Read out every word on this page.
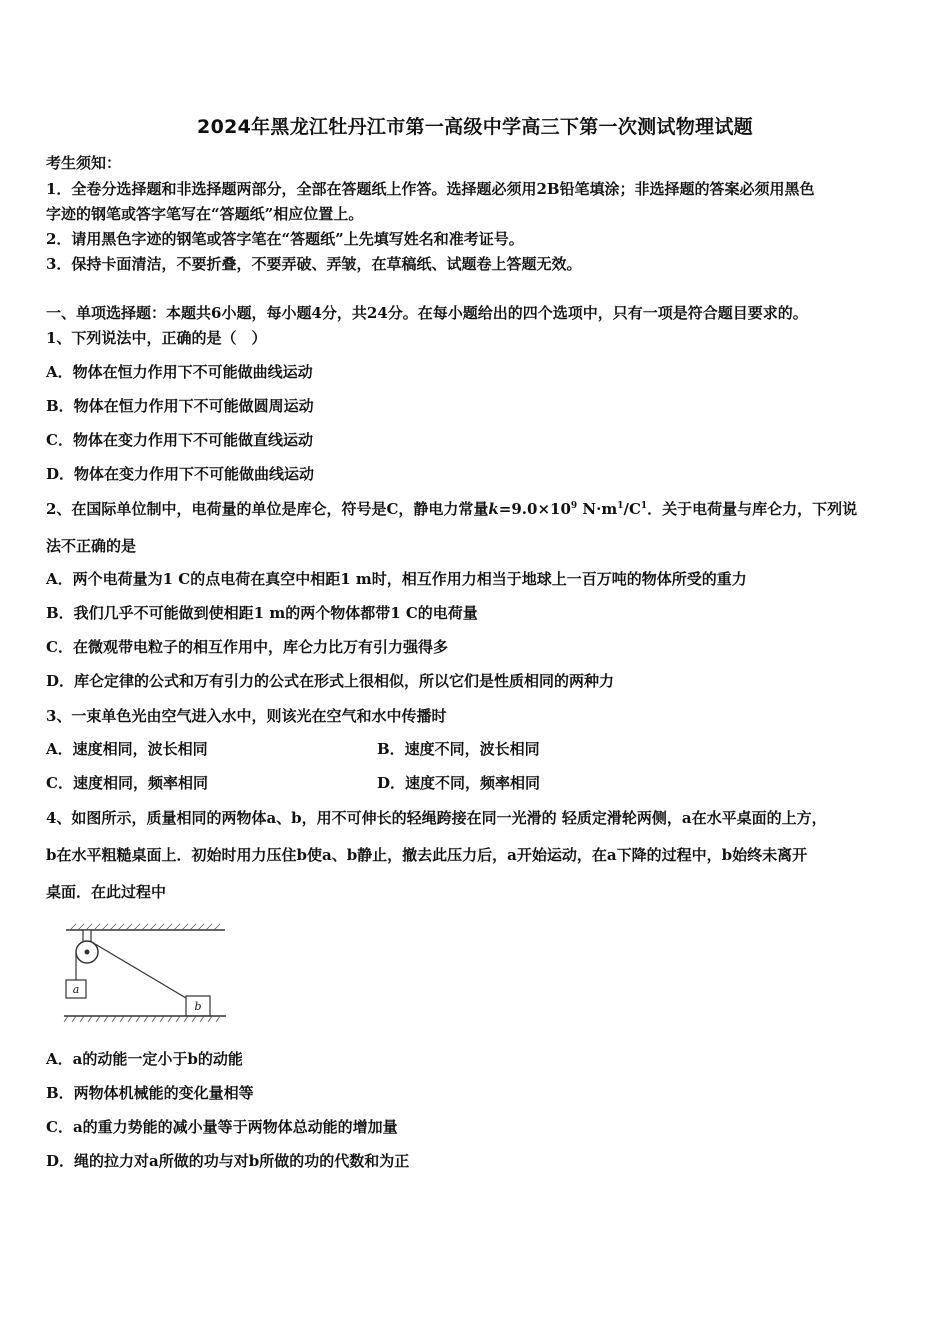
2024年黑龙江牡丹江市第一高级中学高三下第一次测试物理试题
考生须知：
1．全卷分选择题和非选择题两部分，全部在答题纸上作答。选择题必须用2B铅笔填涂；非选择题的答案必须用黑色
字迹的钢笔或答字笔写在“答题纸”相应位置上。
2．请用黑色字迹的钢笔或答字笔在“答题纸”上先填写姓名和准考证号。
3．保持卡面清洁，不要折叠，不要弄破、弄皱，在草稿纸、试题卷上答题无效。
一、单项选择题：本题共6小题，每小题4分，共24分。在每小题给出的四个选项中，只有一项是符合题目要求的。
1、下列说法中，正确的是（　）
A．物体在恒力作用下不可能做曲线运动
B．物体在恒力作用下不可能做圆周运动
C．物体在变力作用下不可能做直线运动
D．物体在变力作用下不可能做曲线运动
2、在国际单位制中，电荷量的单位是库仑，符号是C，静电力常量$k=9.0\times 10^9$ $N\cdot m^1/C^1$．关于电荷量与库仑力，下列说
法不正确的是
A．两个电荷量为1 C的点电荷在真空中相距1 m时，相互作用力相当于地球上一百万吨的物体所受的重力
B．我们几乎不可能做到使相距1 m的两个物体都带1 C的电荷量
C．在微观带电粒子的相互作用中，库仑力比万有引力强得多
D．库仑定律的公式和万有引力的公式在形式上很相似，所以它们是性质相同的两种力
3、一束单色光由空气进入水中，则该光在空气和水中传播时
A．速度相同，波长相同	B．速度不同，波长相同
C．速度相同，频率相同	D．速度不同，频率相同
4、如图所示，质量相同的两物体a、b，用不可伸长的轻绳跨接在同一光滑的 轻质定滑轮两侧，a在水平桌面的上方，
b在水平粗糙桌面上．初始时用力压住b使a、b静止，撤去此压力后，a开始运动，在a下降的过程中，b始终未离开
桌面．在此过程中
a
b
A．a的动能一定小于b的动能
B．两物体机械能的变化量相等
C．a的重力势能的减小量等于两物体总动能的增加量
D．绳的拉力对a所做的功与对b所做的功的代数和为正
